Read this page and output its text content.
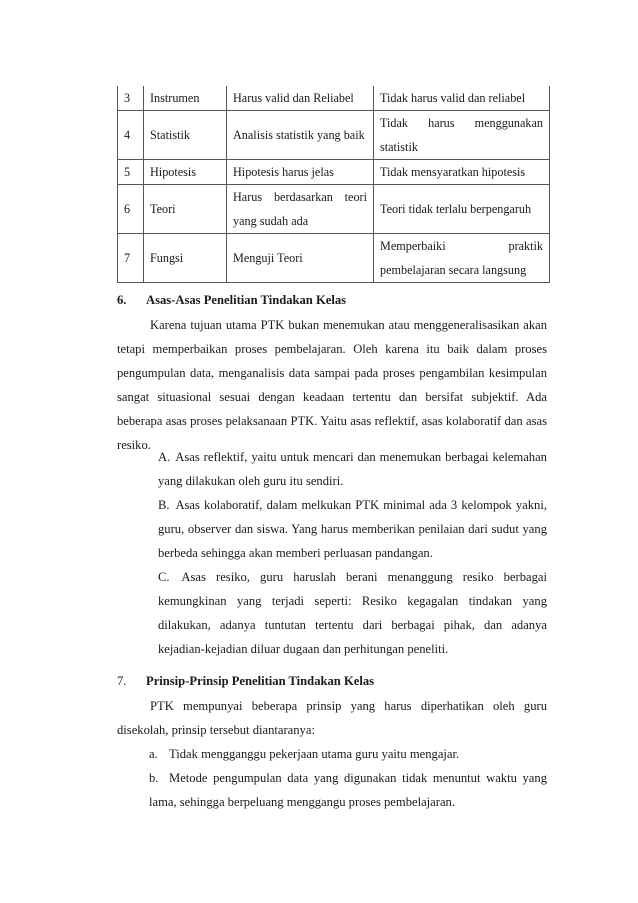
3	Instrumen	Harus valid dan Reliabel	Tidak harus valid dan reliabel
4	Statistik	Analisis statistik yang baik	Tidak harus menggunakan statistik
5	Hipotesis	Hipotesis harus jelas	Tidak mensyaratkan hipotesis
6	Teori	Harus berdasarkan teori yang sudah ada	Teori tidak terlalu berpengaruh
7	Fungsi	Menguji Teori	Memperbaiki praktik pembelajaran secara langsung
6. Asas-Asas Penelitian Tindakan Kelas
Karena tujuan utama PTK bukan menemukan atau menggeneralisasikan akan tetapi memperbaikan proses pembelajaran. Oleh karena itu baik dalam proses pengumpulan data, menganalisis data sampai pada proses pengambilan kesimpulan sangat situasional sesuai dengan keadaan tertentu dan bersifat subjektif. Ada beberapa asas proses pelaksanaan PTK. Yaitu asas reflektif, asas kolaboratif dan asas resiko.
A. Asas reflektif, yaitu untuk mencari dan menemukan berbagai kelemahan yang dilakukan oleh guru itu sendiri.
B. Asas kolaboratif, dalam melkukan PTK minimal ada 3 kelompok yakni, guru, observer dan siswa. Yang harus memberikan penilaian dari sudut yang berbeda sehingga akan memberi perluasan pandangan.
C. Asas resiko, guru haruslah berani menanggung resiko berbagai kemungkinan yang terjadi seperti: Resiko kegagalan tindakan yang dilakukan, adanya tuntutan tertentu dari berbagai pihak, dan adanya kejadian-kejadian diluar dugaan dan perhitungan peneliti.
7. Prinsip-Prinsip Penelitian Tindakan Kelas
PTK mempunyai beberapa prinsip yang harus diperhatikan oleh guru disekolah, prinsip tersebut diantaranya:
a. Tidak mengganggu pekerjaan utama guru yaitu mengajar.
b. Metode pengumpulan data yang digunakan tidak menuntut waktu yang lama, sehingga berpeluang menggangu proses pembelajaran.
